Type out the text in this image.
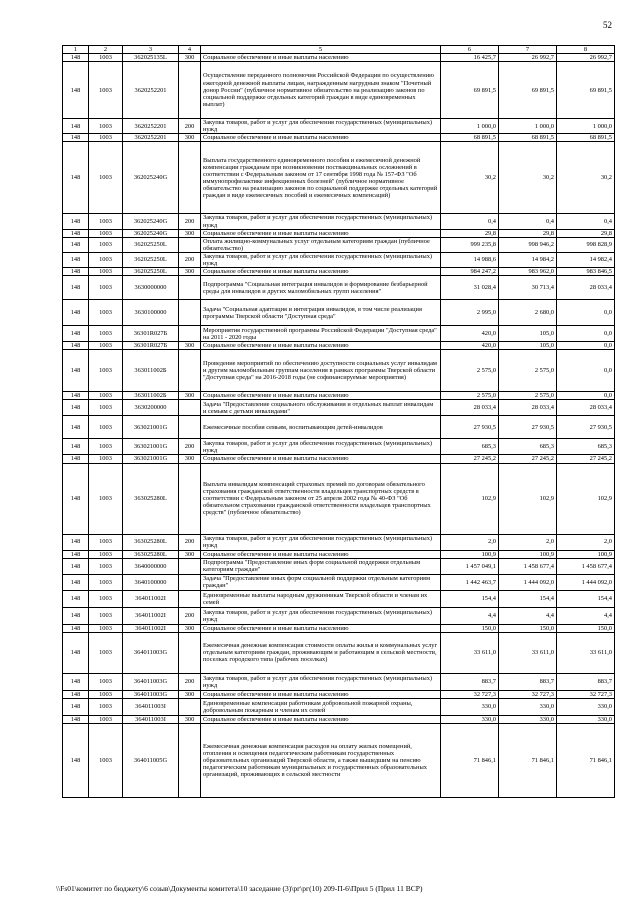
52
1	2	3	4	5	6	7	8
148	1003	362025135L	300	Социальное обеспечение и иные выплаты населению	16 425,7	26 992,7	26 992,7
148	1003	3620252201		Осуществление переданного полномочия Российской Федерации по осуществлению ежегодной денежной выплаты лицам, награжденным нагрудным знаком "Почетный донор России" (публичное нормативное обязательство на реализацию законов по социальной поддержке отдельных категорий граждан в виде единовременных выплат)	69 891,5	69 891,5	69 891,5
148	1003	3620252201	200	Закупка товаров, работ и услуг для обеспечения государственных (муниципальных) нужд	1 000,0	1 000,0	1 000,0
148	1003	3620252201	300	Социальное обеспечение и иные выплаты населению	68 891,5	68 891,5	68 891,5
148	1003	362025240G		Выплата государственного единовременного пособия и ежемесячной денежной компенсации гражданам при возникновении поствакцинальных осложнений в соответствии с Федеральным законом от 17 сентября 1998 года № 157-ФЗ "Об иммунопрофилактике инфекционных болезней" (публичное нормативное обязательство на реализацию законов по социальной поддержке отдельных категорий граждан в виде ежемесячных пособий и ежемесячных компенсаций)	30,2	30,2	30,2
148	1003	362025240G	200	Закупка товаров, работ и услуг для обеспечения государственных (муниципальных) нужд	0,4	0,4	0,4
148	1003	362025240G	300	Социальное обеспечение и иные выплаты населению	29,8	29,8	29,8
148	1003	362025250L		Оплата жилищно-коммунальных услуг отдельным категориям граждан (публичное обязательство)	999 235,8	998 946,2	998 828,9
148	1003	362025250L	200	Закупка товаров, работ и услуг для обеспечения государственных (муниципальных) нужд	14 988,6	14 984,2	14 982,4
148	1003	362025250L	300	Социальное обеспечение и иные выплаты населению	984 247,2	983 962,0	983 846,5
148	1003	3630000000		Подпрограмма "Социальная интеграция инвалидов и формирование безбарьерной среды для инвалидов и других маломобильных групп населения"	31 028,4	30 713,4	28 033,4
148	1003	3630100000		Задача "Социальная адаптация и интеграция инвалидов, в том числе реализация программы Тверской области "Доступная среда"	2 995,0	2 680,0	0,0
148	1003	36301R027Б		Мероприятия государственной программы Российской Федерации "Доступная среда" на 2011 - 2020 годы	420,0	105,0	0,0
148	1003	36301R027Б	300	Социальное обеспечение и иные выплаты населению	420,0	105,0	0,0
148	1003	363011002Б		Проведение мероприятий по обеспечению доступности социальных услуг инвалидам и другим маломобильным группам населения в рамках программы Тверской области "Доступная среда" на 2016-2018 годы (не софинансируемые мероприятия)	2 575,0	2 575,0	0,0
148	1003	363011002Б	300	Социальное обеспечение и иные выплаты населению	2 575,0	2 575,0	0,0
148	1003	3630200000		Задача "Предоставление социального обслуживания и отдельных выплат инвалидам и семьям с детьми инвалидами"	28 033,4	28 033,4	28 033,4
148	1003	363021001G		Ежемесячные пособия семьям, воспитывающим детей-инвалидов	27 930,5	27 930,5	27 930,5
148	1003	363021001G	200	Закупка товаров, работ и услуг для обеспечения государственных (муниципальных) нужд	685,3	685,3	685,3
148	1003	363021001G	300	Социальное обеспечение и иные выплаты населению	27 245,2	27 245,2	27 245,2
148	1003	363025280L		Выплата инвалидам компенсаций страховых премий по договорам обязательного страхования гражданской ответственности владельцев транспортных средств в соответствии с Федеральным законом от 25 апреля 2002 года № 40-ФЗ "Об обязательном страховании гражданской ответственности владельцев транспортных средств" (публичное обязательство)	102,9	102,9	102,9
148	1003	363025280L	200	Закупка товаров, работ и услуг для обеспечения государственных (муниципальных) нужд	2,0	2,0	2,0
148	1003	363025280L	300	Социальное обеспечение и иные выплаты населению	100,9	100,9	100,9
148	1003	3640000000		Подпрограмма "Предоставление иных форм социальной поддержки отдельным категориям граждан"	1 457 049,1	1 458 677,4	1 458 677,4
148	1003	3640100000		Задача "Предоставление иных форм социальной поддержки отдельным категориям граждан"	1 442 463,7	1 444 092,0	1 444 092,0
148	1003	364011002I		Единовременные выплаты народным дружинникам Тверской области и членам их семей	154,4	154,4	154,4
148	1003	364011002I	200	Закупка товаров, работ и услуг для обеспечения государственных (муниципальных) нужд	4,4	4,4	4,4
148	1003	364011002I	300	Социальное обеспечение и иные выплаты населению	150,0	150,0	150,0
148	1003	364011003G		Ежемесячная денежная компенсация стоимости оплаты жилья и коммунальных услуг отдельным категориям граждан, проживающим и работающим в сельской местности, поселках городского типа (рабочих поселках)	33 611,0	33 611,0	33 611,0
148	1003	364011003G	200	Закупка товаров, работ и услуг для обеспечения государственных (муниципальных) нужд	883,7	883,7	883,7
148	1003	364011003G	300	Социальное обеспечение и иные выплаты населению	32 727,3	32 727,3	32 727,3
148	1003	364011003I		Единовременные компенсации работникам добровольной пожарной охраны, добровольным пожарным и членам их семей	330,0	330,0	330,0
148	1003	364011003I	300	Социальное обеспечение и иные выплаты населению	330,0	330,0	330,0
148	1003	364011005G		Ежемесячная денежная компенсация расходов на оплату жилых помещений, отопления и освещения педагогическим работникам государственных образовательных организаций Тверской области, а также вышедшим на пенсию педагогическим работникам муниципальных и государственных образовательных организаций, проживающих в сельской местности	71 846,1	71 846,1	71 846,1
\\Fs01\комитет по бюджету\6 созыв\Документы комитета\10 заседание (3)\рг\рг(10) 209-П-6\Прил 5 (Прил 11 ВСР)
